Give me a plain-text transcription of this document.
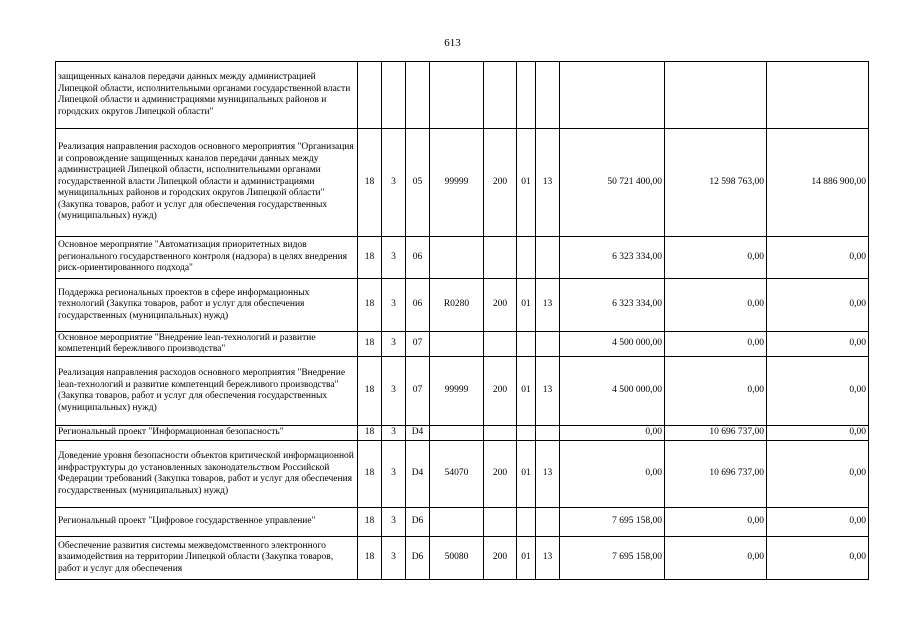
613
защищенных каналов передачи данных между администрацией Липецкой области, исполнительными органами государственной власти Липецкой области и администрациями муниципальных районов и городских округов Липецкой области"										
Реализация направления расходов основного мероприятия "Организация и сопровождение защищенных каналов передачи данных между администрацией Липецкой области, исполнительными органами государственной власти Липецкой области и администрациями муниципальных районов и городских округов Липецкой области" (Закупка товаров, работ и услуг для обеспечения государственных (муниципальных) нужд)	18	3	05	99999	200	01	13	50 721 400,00	12 598 763,00	14 886 900,00
Основное мероприятие "Автоматизация приоритетных видов регионального государственного контроля (надзора) в целях внедрения риск-ориентированного подхода"	18	3	06					6 323 334,00	0,00	0,00
Поддержка региональных проектов в сфере информационных технологий (Закупка товаров, работ и услуг для обеспечения государственных (муниципальных) нужд)	18	3	06	R0280	200	01	13	6 323 334,00	0,00	0,00
Основное мероприятие "Внедрение lean-технологий и развитие компетенций бережливого производства"	18	3	07					4 500 000,00	0,00	0,00
Реализация направления расходов основного мероприятия "Внедрение lean-технологий и развитие компетенций бережливого производства" (Закупка товаров, работ и услуг для обеспечения государственных (муниципальных) нужд)	18	3	07	99999	200	01	13	4 500 000,00	0,00	0,00
Региональный проект "Информационная безопасность"	18	3	D4					0,00	10 696 737,00	0,00
Доведение уровня безопасности объектов критической информационной инфраструктуры до установленных законодательством Российской Федерации требований (Закупка товаров, работ и услуг для обеспечения государственных (муниципальных) нужд)	18	3	D4	54070	200	01	13	0,00	10 696 737,00	0,00
Региональный проект "Цифровое государственное управление"	18	3	D6					7 695 158,00	0,00	0,00
Обеспечение развития системы межведомственного электронного взаимодействия на территории Липецкой области (Закупка товаров, работ и услуг для обеспечения	18	3	D6	50080	200	01	13	7 695 158,00	0,00	0,00
